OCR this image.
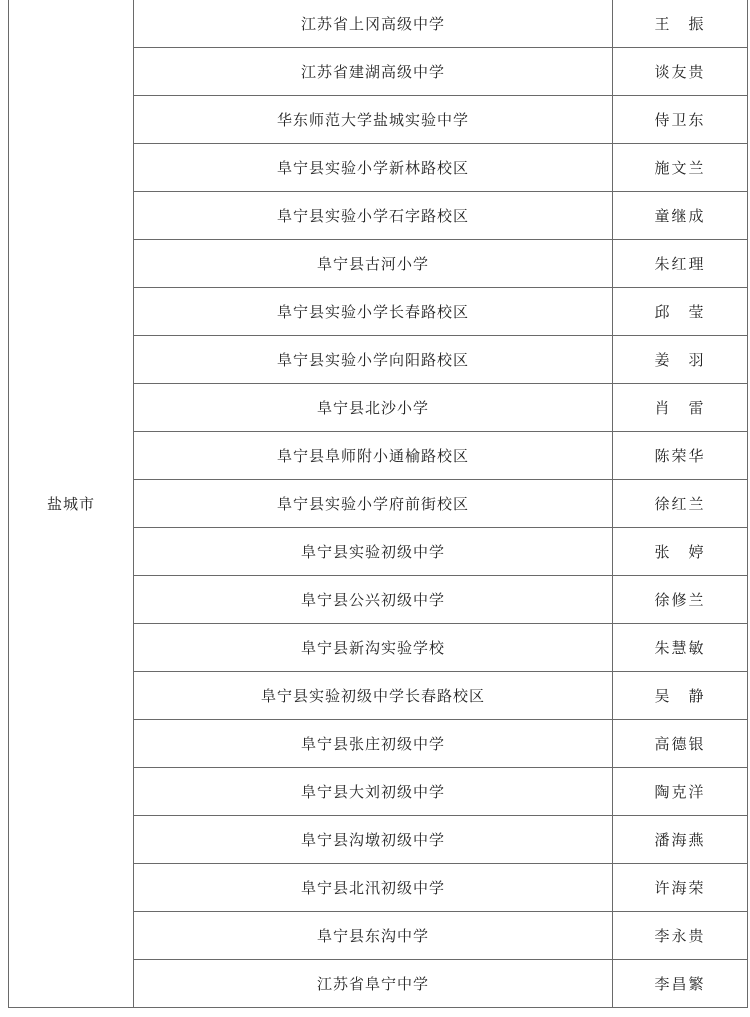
盐城市	江苏省上冈高级中学	王　振
	江苏省建湖高级中学	谈友贵
	华东师范大学盐城实验中学	侍卫东
	阜宁县实验小学新林路校区	施文兰
	阜宁县实验小学石字路校区	童继成
	阜宁县古河小学	朱红理
	阜宁县实验小学长春路校区	邱　莹
	阜宁县实验小学向阳路校区	姜　羽
	阜宁县北沙小学	肖　雷
	阜宁县阜师附小通榆路校区	陈荣华
	阜宁县实验小学府前街校区	徐红兰
	阜宁县实验初级中学	张　婷
	阜宁县公兴初级中学	徐修兰
	阜宁县新沟实验学校	朱慧敏
	阜宁县实验初级中学长春路校区	吴　静
	阜宁县张庄初级中学	高德银
	阜宁县大刘初级中学	陶克洋
	阜宁县沟墩初级中学	潘海燕
	阜宁县北汛初级中学	许海荣
	阜宁县东沟中学	李永贵
	江苏省阜宁中学	李昌繁
